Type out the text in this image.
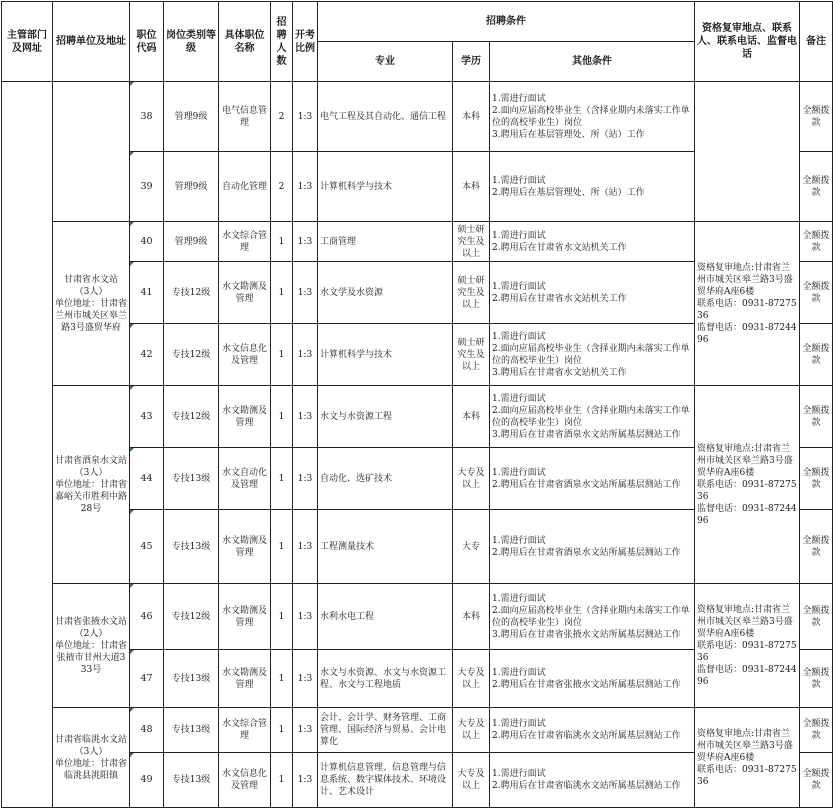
主管部门及网址	招聘单位及地址	职位代码	岗位类别等级	具体职位名称	招聘人数	开考比例	招聘条件			资格复审地点、联系人、联系电话、监督电话	备注
							专业	学历	其他条件		
		38	管理9级	电气信息管理	2	1:3	电气工程及其自动化、通信工程	本科	1.需进行面试
2.面向应届高校毕业生（含择业期内未落实工作单位的高校毕业生）岗位
3.聘用后在基层管理处、所（站）工作		全额拨款
		39	管理9级	自动化管理	2	1:3	计算机科学与技术	本科	1.需进行面试
2.聘用后在基层管理处、所（站）工作		全额拨款
	甘肃省水文站
（3人）
单位地址：甘肃省兰州市城关区皋兰路3号盛贸华府	40	管理9级	水文综合管理	1	1:3	工商管理	硕士研究生及以上	1.需进行面试
2.聘用后在甘肃省水文站机关工作	资格复审地点:甘肃省兰州市城关区皋兰路3号盛贸华府A座6楼
联系电话：0931-8727536
监督电话：0931-8724496	全额拨款
		41	专技12级	水文勘测及管理	1	1:3	水文学及水资源	硕士研究生及以上	1.需进行面试
2.聘用后在甘肃省水文站机关工作		全额拨款
		42	专技12级	水文信息化及管理	1	1:3	计算机科学与技术	硕士研究生及以上	1.需进行面试
2.面向应届高校毕业生（含择业期内未落实工作单位的高校毕业生）岗位
3.聘用后在甘肃省水文站机关工作		全额拨款
	甘肃省酒泉水文站（3人）
单位地址：甘肃省嘉峪关市胜利中路28号	43	专技12级	水文勘测及管理	1	1:3	水文与水资源工程	本科	1.需进行面试
2.面向应届高校毕业生（含择业期内未落实工作单位的高校毕业生）岗位
3.聘用后在甘肃省酒泉水文站所属基层测站工作	资格复审地点:甘肃省兰州市城关区皋兰路3号盛贸华府A座6楼
联系电话：0931-8727536
监督电话：0931-8724496	全额拨款
		44	专技13级	水文自动化及管理	1	1:3	自动化、选矿技术	大专及以上	1.需进行面试
2.聘用后在甘肃省酒泉水文站所属基层测站工作		全额拨款
		45	专技13级	水文勘测及管理	1	1:3	工程测量技术	大专	1.需进行面试
2.聘用后在甘肃省酒泉水文站所属基层测站工作		全额拨款
	甘肃省张掖水文站（2人）
单位地址：甘肃省张掖市甘州大道333号	46	专技12级	水文勘测及管理	1	1:3	水利水电工程	本科	1.需进行面试
2.面向应届高校毕业生（含择业期内未落实工作单位的高校毕业生）岗位
3.聘用后在甘肃省张掖水文站所属基层测站工作	资格复审地点:甘肃省兰州市城关区皋兰路3号盛贸华府A座6楼
联系电话：0931-8727536
监督电话：0931-8724496	全额拨款
		47	专技13级	水文勘测及管理	1	1:3	水文与水资源、水文与水资源工程、水文与工程地质	大专及以上	1.需进行面试
2.聘用后在甘肃省张掖水文站所属基层测站工作		全额拨款
	甘肃省临洮水文站（3人）
单位地址：甘肃省临洮县洮阳镇	48	专技13级	水文综合管理	1	1:3	会计、会计学、财务管理、工商管理、国际经济与贸易、会计电算化	大专及以上	1.需进行面试
2.聘用后在甘肃省临洮水文站所属基层测站工作	资格复审地点:甘肃省兰州市城关区皋兰路3号盛贸华府A座6楼
联系电话：0931-8727536	全额拨款
		49	专技13级	水文信息化及管理	1	1:3	计算机信息管理、信息管理与信息系统、数字媒体技术、环境设计、艺术设计	大专及以上	1.需进行面试
2.聘用后在甘肃省临洮水文站所属基层测站工作		全额拨款
